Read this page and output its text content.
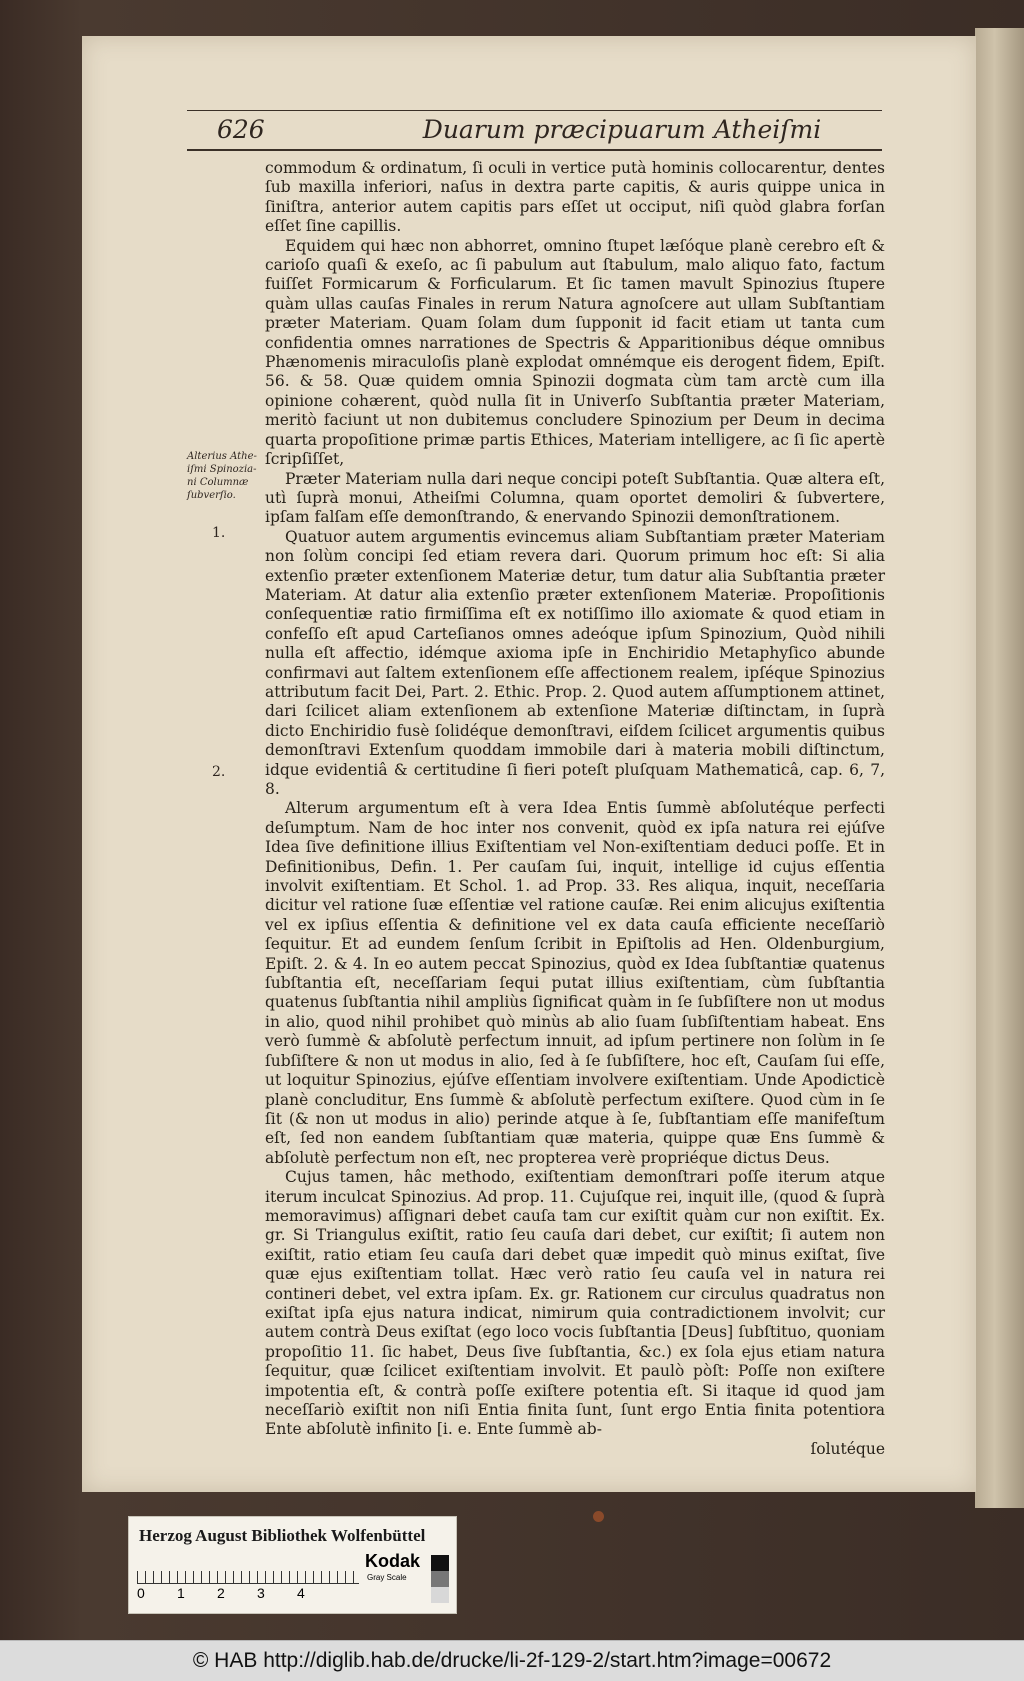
626	Duarum præcipuarum Atheiſmi
Alterius Athe-iſmi Spinozia-ni Columnæ ſubverſio.
1.
2.

commodum & ordinatum, ſi oculi in vertice putà hominis collocarentur, dentes ſub maxilla inferiori, naſus in dextra parte capitis, & auris quippe unica in ſiniſtra, anterior autem capitis pars eſſet ut occiput, niſi quòd glabra forſan eſſet ſine capillis.

Equidem qui hæc non abhorret, omnino ſtupet læſóque planè cerebro eſt & carioſo quaſi & exeſo, ac ſi pabulum aut ſtabulum, malo aliquo fato, factum fuiſſet Formicarum & Forficularum. Et ſic tamen mavult Spinozius ſtupere quàm ullas cauſas Finales in rerum Natura agnoſcere aut ullam Subſtantiam præter Materiam. Quam ſolam dum ſupponit id facit etiam ut tanta cum confidentia omnes narrationes de Spectris & Apparitionibus déque omnibus Phænomenis miraculoſis planè explodat omnémque eis derogent fidem, Epiſt. 56. & 58. Quæ quidem omnia Spinozii dogmata cùm tam arctè cum illa opinione cohærent, quòd nulla ſit in Univerſo Subſtantia præter Materiam, meritò faciunt ut non dubitemus concludere Spinozium per Deum in decima quarta propoſitione primæ partis Ethices, Materiam intelligere, ac ſi ſic apertè ſcripſiſſet,

Præter Materiam nulla dari neque concipi poteſt Subſtantia. Quæ altera eſt, utì ſuprà monui, Atheiſmi Columna, quam oportet demoliri & ſubvertere, ipſam falſam eſſe demonſtrando, & enervando Spinozii demonſtrationem.

Quatuor autem argumentis evincemus aliam Subſtantiam præter Materiam non ſolùm concipi ſed etiam revera dari. Quorum primum hoc eſt: Si alia extenſio præter extenſionem Materiæ detur, tum datur alia Subſtantia præter Materiam. At datur alia extenſio præter extenſionem Materiæ. Propoſitionis conſequentiæ ratio firmiſſima eſt ex notiſſimo illo axiomate & quod etiam in confeſſo eſt apud Carteſianos omnes adeóque ipſum Spinozium, Quòd nihili nulla eſt affectio, idémque axioma ipſe in Enchiridio Metaphyſico abunde confirmavi aut ſaltem extenſionem eſſe affectionem realem, ipſéque Spinozius attributum facit Dei, Part. 2. Ethic. Prop. 2. Quod autem aſſumptionem attinet, dari ſcilicet aliam extenſionem ab extenſione Materiæ diſtinctam, in ſuprà dicto Enchiridio fusè ſolidéque demonſtravi, eiſdem ſcilicet argumentis quibus demonſtravi Extenſum quoddam immobile dari à materia mobili diſtinctum, idque evidentiâ & certitudine ſi fieri poteſt pluſquam Mathematicâ, cap. 6, 7, 8.

Alterum argumentum eſt à vera Idea Entis ſummè abſolutéque perfecti deſumptum. Nam de hoc inter nos convenit, quòd ex ipſa natura rei ejúſve Idea ſive definitione illius Exiſtentiam vel Non-exiſtentiam deduci poſſe. Et in Definitionibus, Defin. 1. Per cauſam ſui, inquit, intellige id cujus eſſentia involvit exiſtentiam. Et Schol. 1. ad Prop. 33. Res aliqua, inquit, neceſſaria dicitur vel ratione ſuæ eſſentiæ vel ratione cauſæ. Rei enim alicujus exiſtentia vel ex ipſius eſſentia & definitione vel ex data cauſa efficiente neceſſariò ſequitur. Et ad eundem ſenſum ſcribit in Epiſtolis ad Hen. Oldenburgium, Epiſt. 2. & 4. In eo autem peccat Spinozius, quòd ex Idea ſubſtantiæ quatenus ſubſtantia eſt, neceſſariam ſequi putat illius exiſtentiam, cùm ſubſtantia quatenus ſubſtantia nihil ampliùs ſignificat quàm in ſe ſubſiſtere non ut modus in alio, quod nihil prohibet quò minùs ab alio ſuam ſubſiſtentiam habeat. Ens verò ſummè & abſolutè perfectum innuit, ad ipſum pertinere non ſolùm in ſe ſubſiſtere & non ut modus in alio, ſed à ſe ſubſiſtere, hoc eſt, Cauſam ſui eſſe, ut loquitur Spinozius, ejúſve eſſentiam involvere exiſtentiam. Unde Apodicticè planè concluditur, Ens ſummè & abſolutè perfectum exiſtere. Quod cùm in ſe ſit (& non ut modus in alio) perinde atque à ſe, ſubſtantiam eſſe manifeſtum eſt, ſed non eandem ſubſtantiam quæ materia, quippe quæ Ens ſummè & abſolutè perfectum non eſt, nec propterea verè propriéque dictus Deus.

Cujus tamen, hâc methodo, exiſtentiam demonſtrari poſſe iterum atque iterum inculcat Spinozius. Ad prop. 11. Cujuſque rei, inquit ille, (quod & ſuprà memoravimus) aſſignari debet cauſa tam cur exiſtit quàm cur non exiſtit. Ex. gr. Si Triangulus exiſtit, ratio ſeu cauſa dari debet, cur exiſtit; ſi autem non exiſtit, ratio etiam ſeu cauſa dari debet quæ impedit quò minus exiſtat, ſive quæ ejus exiſtentiam tollat. Hæc verò ratio ſeu cauſa vel in natura rei contineri debet, vel extra ipſam. Ex. gr. Rationem cur circulus quadratus non exiſtat ipſa ejus natura indicat, nimirum quia contradictionem involvit; cur autem contrà Deus exiſtat (ego loco vocis ſubſtantia [Deus] ſubſtituo, quoniam propoſitio 11. ſic habet, Deus ſive ſubſtantia, &c.) ex ſola ejus etiam natura ſequitur, quæ ſcilicet exiſtentiam involvit. Et paulò pòſt: Poſſe non exiſtere impotentia eſt, & contrà poſſe exiſtere potentia eſt. Si itaque id quod jam neceſſariò exiſtit non niſi Entia finita ſunt, ſunt ergo Entia finita potentiora Ente abſolutè infinito [i. e. Ente ſummè ab-

ſolutéque

Herzog August Bibliothek Wolfenbüttel
0 1 2 3 4
Kodak
Gray Scale
© HAB http://diglib.hab.de/drucke/li-2f-129-2/start.htm?image=00672
